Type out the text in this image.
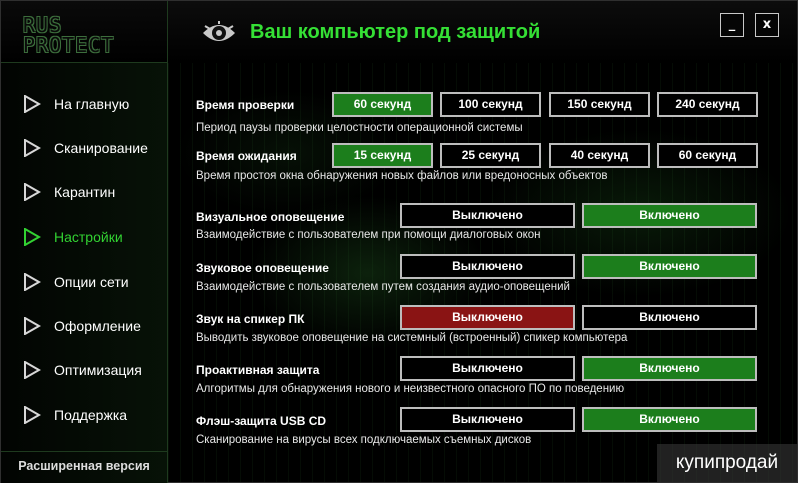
RUS
PROTECT
Ваш компьютер под защитой	_	x
На главную
Сканирование
Карантин
Настройки
Опции сети
Оформление
Оптимизация
Поддержка
Расширенная версия
Время проверки	60 секунд	100 секунд	150 секунд	240 секунд
Период паузы проверки целостности операционной системы
Время ожидания	15 секунд	25 секунд	40 секунд	60 секунд
Время простоя окна обнаружения новых файлов или вредоносных объектов
Визуальное оповещение	Выключено	Включено
Взаимодействие с пользователем при помощи диалоговых окон
Звуковое оповещение	Выключено	Включено
Взаимодействие с пользователем путем создания аудио-оповещений
Звук на спикер ПК	Выключено	Включено
Выводить звуковое оповещение на системный (встроенный) спикер компьютера
Проактивная защита	Выключено	Включено
Алгоритмы для обнаружения нового и неизвестного опасного ПО по поведению
Флэш-защита USB CD	Выключено	Включено
Сканирование на вирусы всех подключаемых съемных дисков
купипродай
